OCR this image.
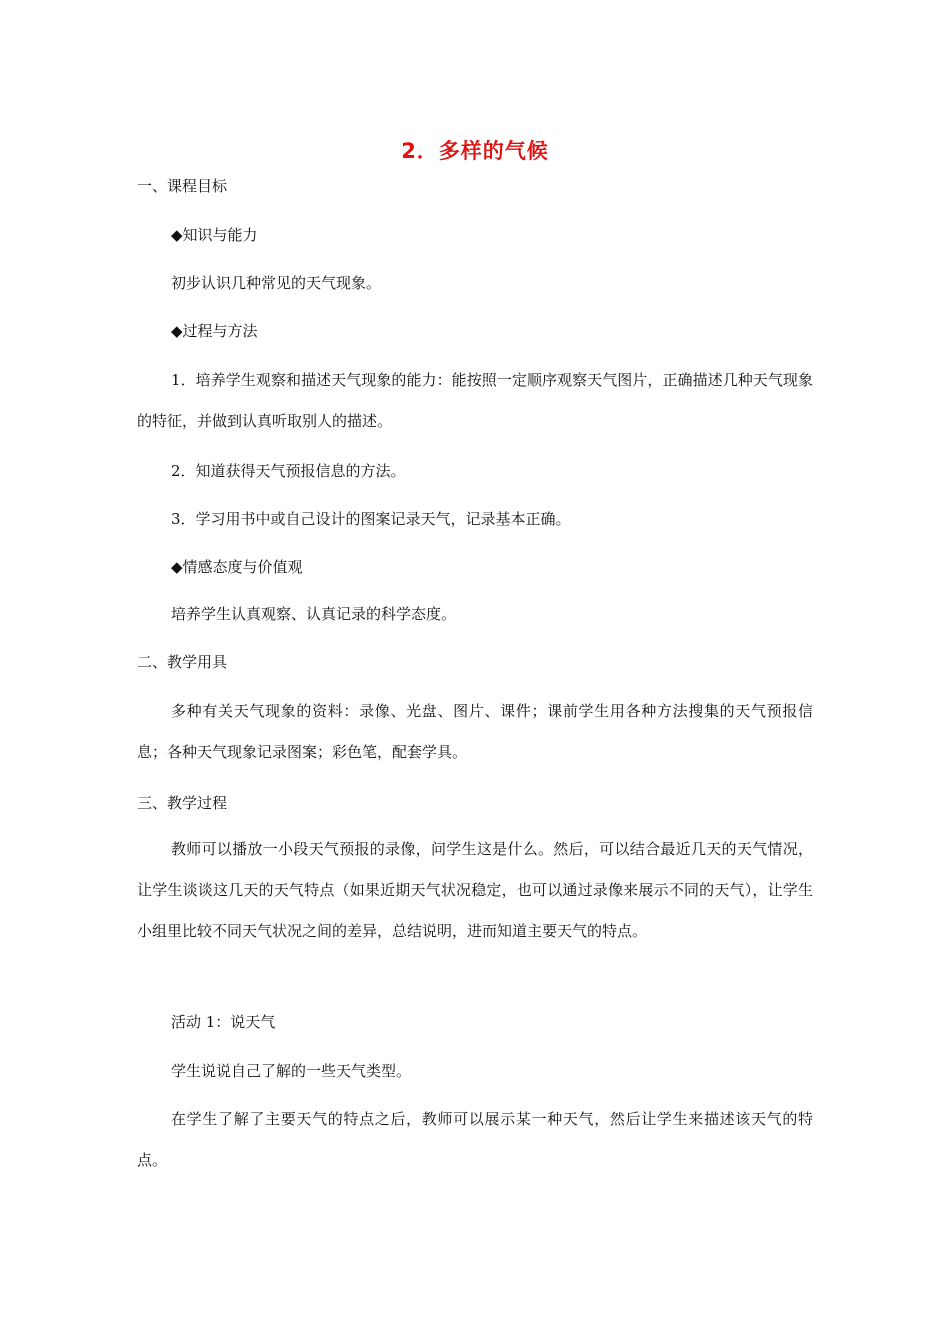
2．多样的气候
一、课程目标
◆知识与能力
初步认识几种常见的天气现象。
◆过程与方法
1．培养学生观察和描述天气现象的能力：能按照一定顺序观察天气图片，正确描述几种天气现象的特征，并做到认真听取别人的描述。
2．知道获得天气预报信息的方法。
3．学习用书中或自己设计的图案记录天气，记录基本正确。
◆情感态度与价值观
培养学生认真观察、认真记录的科学态度。
二、教学用具
多种有关天气现象的资料：录像、光盘、图片、课件；课前学生用各种方法搜集的天气预报信息；各种天气现象记录图案；彩色笔，配套学具。
三、教学过程
教师可以播放一小段天气预报的录像，问学生这是什么。然后，可以结合最近几天的天气情况，让学生谈谈这几天的天气特点（如果近期天气状况稳定，也可以通过录像来展示不同的天气），让学生小组里比较不同天气状况之间的差异，总结说明，进而知道主要天气的特点。
活动 1：说天气
学生说说自己了解的一些天气类型。
在学生了解了主要天气的特点之后，教师可以展示某一种天气，然后让学生来描述该天气的特点。
